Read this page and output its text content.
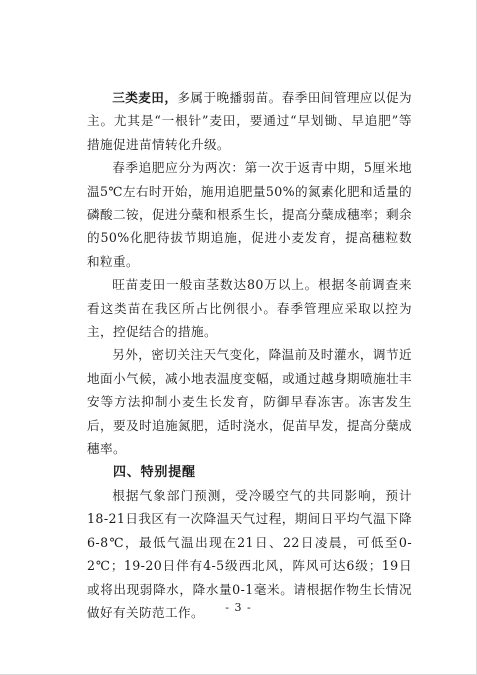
三类麦田，多属于晚播弱苗。春季田间管理应以促为主。尤其是“一根针”麦田，要通过“早划锄、早追肥”等措施促进苗情转化升级。

春季追肥应分为两次：第一次于返青中期，5厘米地温5℃左右时开始，施用追肥量50%的氮素化肥和适量的磷酸二铵，促进分蘖和根系生长，提高分蘖成穗率；剩余的50%化肥待拔节期追施，促进小麦发育，提高穗粒数和粒重。

旺苗麦田一般亩茎数达80万以上。根据冬前调查来看这类苗在我区所占比例很小。春季管理应采取以控为主，控促结合的措施。

另外，密切关注天气变化，降温前及时灌水，调节近地面小气候，减小地表温度变幅，或通过越身期喷施壮丰安等方法抑制小麦生长发育，防御早春冻害。冻害发生后，要及时追施氮肥，适时浇水，促苗早发，提高分蘖成穗率。

四、特别提醒

根据气象部门预测，受冷暖空气的共同影响，预计18-21日我区有一次降温天气过程，期间日平均气温下降6-8℃，最低气温出现在21日、22日凌晨，可低至0-2℃；19-20日伴有4-5级西北风，阵风可达6级；19日或将出现弱降水，降水量0-1毫米。请根据作物生长情况做好有关防范工作。	- 3 -
